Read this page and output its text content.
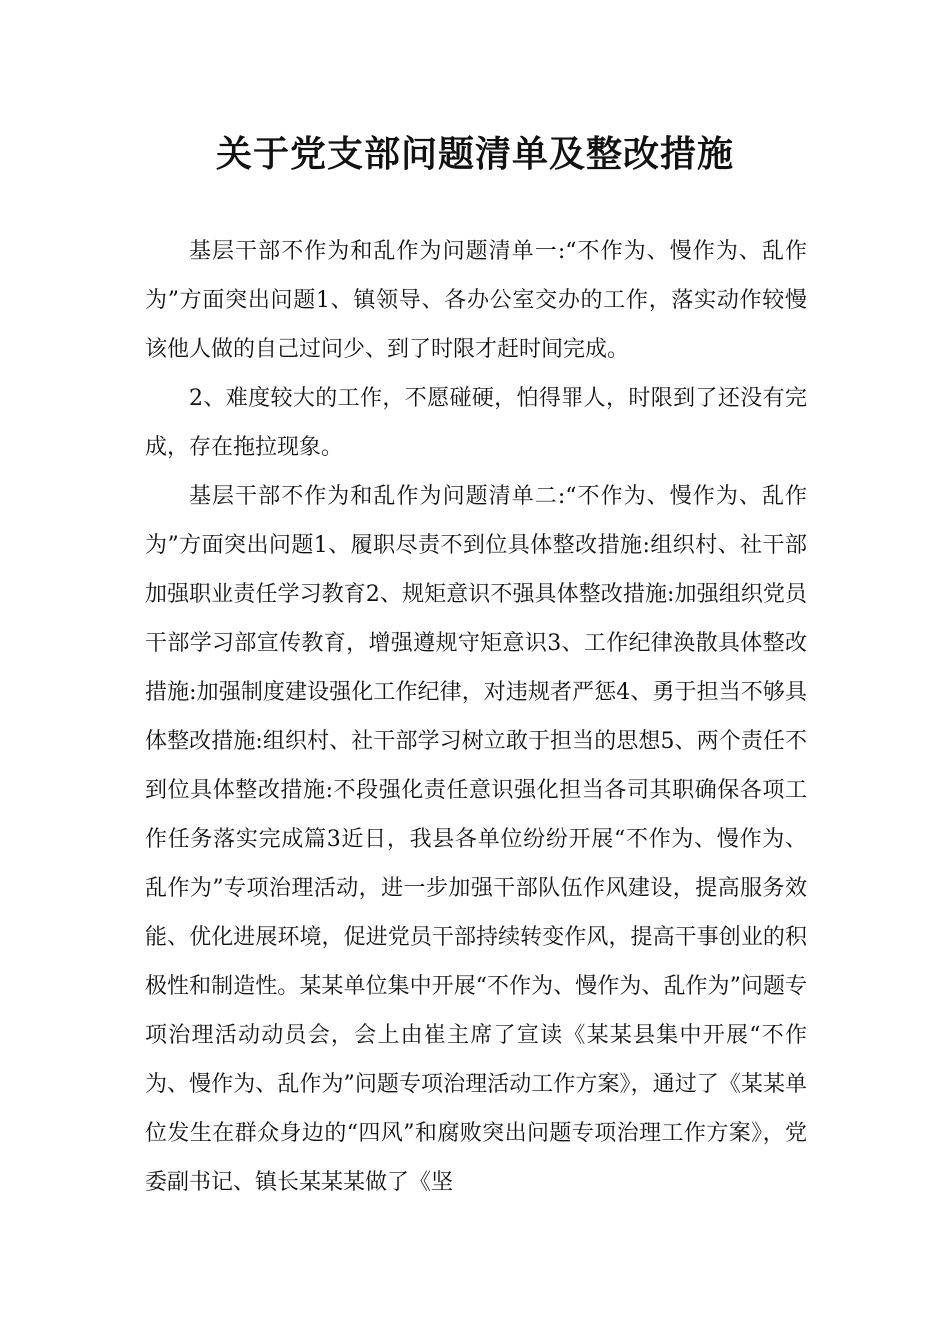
关于党支部问题清单及整改措施

基层干部不作为和乱作为问题清单一:“不作为、慢作为、乱作为”方面突出问题1、镇领导、各办公室交办的工作，落实动作较慢该他人做的自己过问少、到了时限才赶时间完成。

2、难度较大的工作，不愿碰硬，怕得罪人，时限到了还没有完成，存在拖拉现象。

基层干部不作为和乱作为问题清单二:“不作为、慢作为、乱作为”方面突出问题1、履职尽责不到位具体整改措施:组织村、社干部加强职业责任学习教育2、规矩意识不强具体整改措施:加强组织党员干部学习部宣传教育，增强遵规守矩意识3、工作纪律涣散具体整改措施:加强制度建设强化工作纪律，对违规者严惩4、勇于担当不够具体整改措施:组织村、社干部学习树立敢于担当的思想5、两个责任不到位具体整改措施:不段强化责任意识强化担当各司其职确保各项工作任务落实完成篇3近日，我县各单位纷纷开展“不作为、慢作为、乱作为”专项治理活动，进一步加强干部队伍作风建设，提高服务效能、优化进展环境，促进党员干部持续转变作风，提高干事创业的积极性和制造性。某某单位集中开展“不作为、慢作为、乱作为”问题专项治理活动动员会，会上由崔主席了宣读《某某县集中开展“不作为、慢作为、乱作为”问题专项治理活动工作方案》，通过了《某某单位发生在群众身边的“四风”和腐败突出问题专项治理工作方案》，党委副书记、镇长某某某做了《坚
